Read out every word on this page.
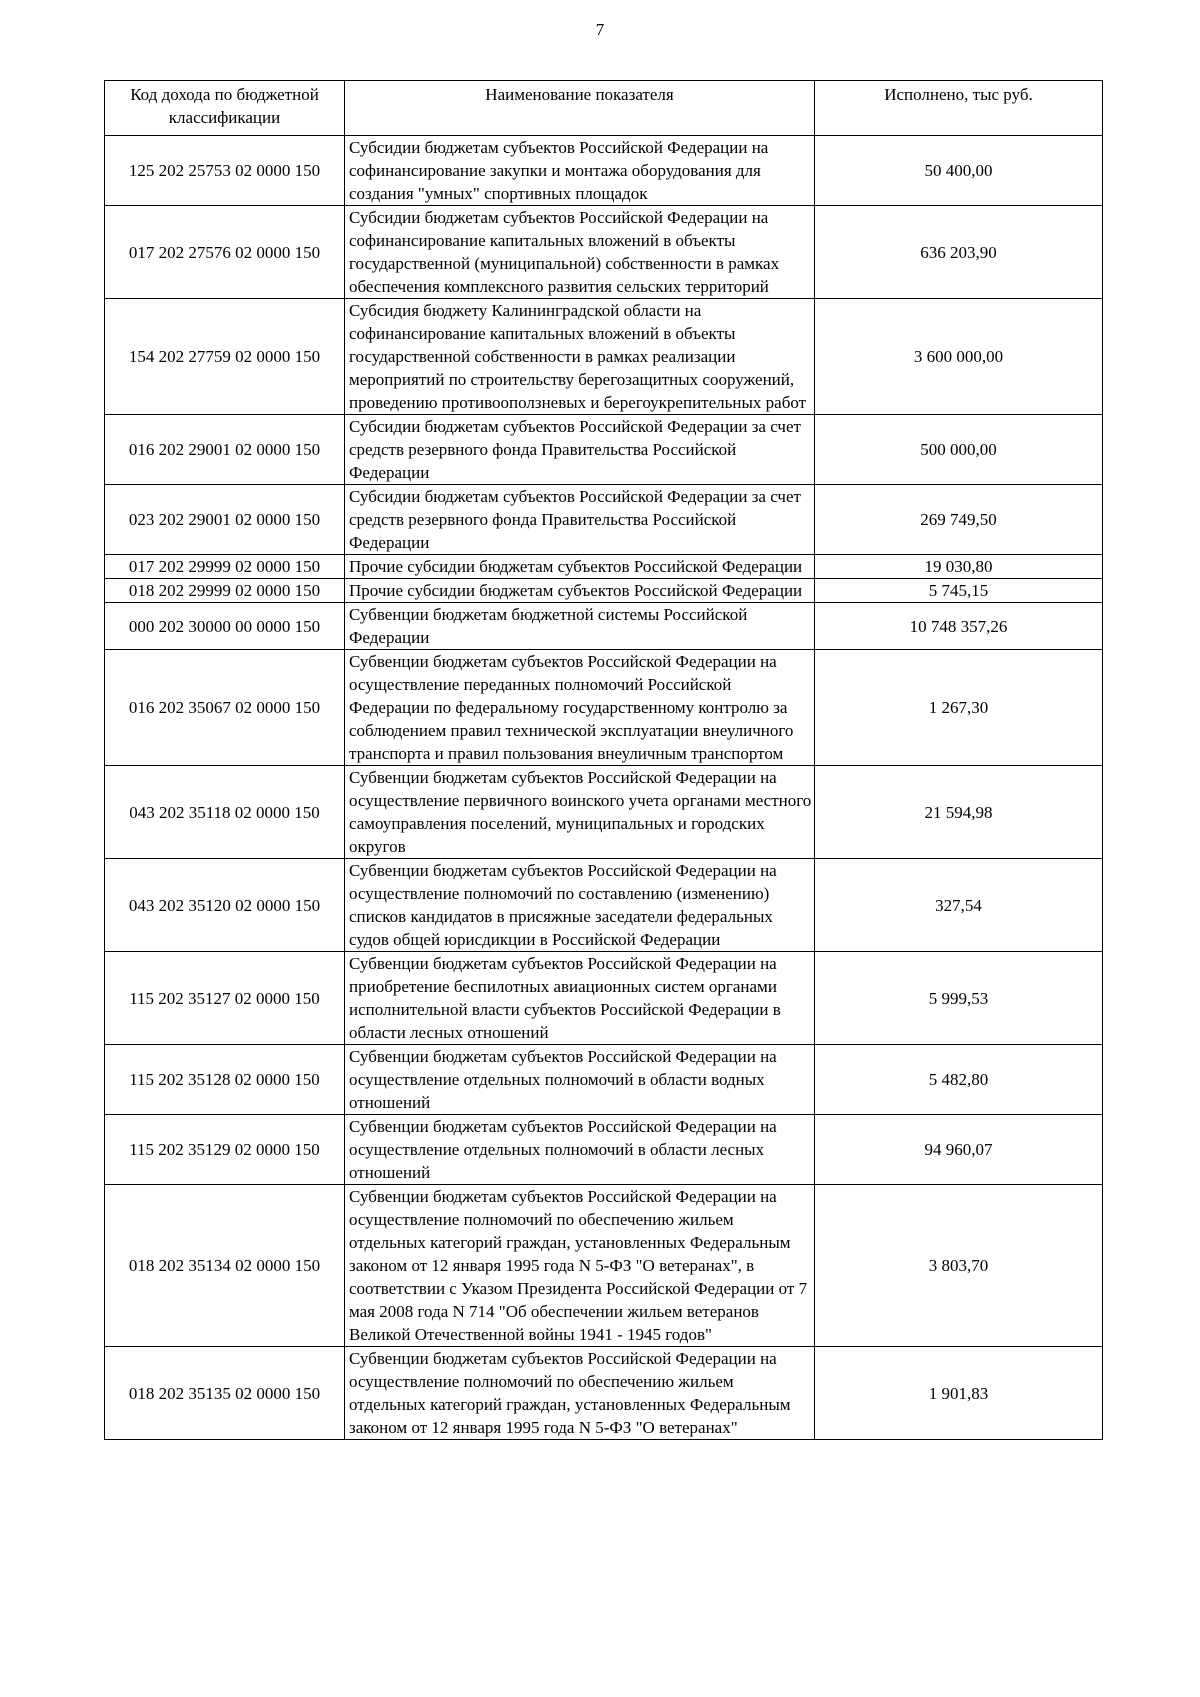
7
Код дохода по бюджетной классификации	Наименование показателя	Исполнено, тыс руб.
125 202 25753 02 0000 150	Субсидии бюджетам субъектов Российской Федерации на софинансирование закупки и монтажа оборудования для создания "умных" спортивных площадок	50 400,00
017 202 27576 02 0000 150	Субсидии бюджетам субъектов Российской Федерации на софинансирование капитальных вложений в объекты государственной (муниципальной) собственности в рамках обеспечения комплексного развития сельских территорий	636 203,90
154 202 27759 02 0000 150	Субсидия бюджету Калининградской области на софинансирование капитальных вложений в объекты государственной собственности в рамках реализации мероприятий по строительству берегозащитных сооружений, проведению противооползневых и берегоукрепительных работ	3 600 000,00
016 202 29001 02 0000 150	Субсидии бюджетам субъектов Российской Федерации за счет средств резервного фонда Правительства Российской Федерации	500 000,00
023 202 29001 02 0000 150	Субсидии бюджетам субъектов Российской Федерации за счет средств резервного фонда Правительства Российской Федерации	269 749,50
017 202 29999 02 0000 150	Прочие субсидии бюджетам субъектов Российской Федерации	19 030,80
018 202 29999 02 0000 150	Прочие субсидии бюджетам субъектов Российской Федерации	5 745,15
000 202 30000 00 0000 150	Субвенции бюджетам бюджетной системы Российской Федерации	10 748 357,26
016 202 35067 02 0000 150	Субвенции бюджетам субъектов Российской Федерации на осуществление переданных полномочий Российской Федерации по федеральному государственному контролю за соблюдением правил технической эксплуатации внеуличного транспорта и правил пользования внеуличным транспортом	1 267,30
043 202 35118 02 0000 150	Субвенции бюджетам субъектов Российской Федерации на осуществление первичного воинского учета органами местного самоуправления поселений, муниципальных и городских округов	21 594,98
043 202 35120 02 0000 150	Субвенции бюджетам субъектов Российской Федерации на осуществление полномочий по составлению (изменению) списков кандидатов в присяжные заседатели федеральных судов общей юрисдикции в Российской Федерации	327,54
115 202 35127 02 0000 150	Субвенции бюджетам субъектов Российской Федерации на приобретение беспилотных авиационных систем органами исполнительной власти субъектов Российской Федерации в области лесных отношений	5 999,53
115 202 35128 02 0000 150	Субвенции бюджетам субъектов Российской Федерации на осуществление отдельных полномочий в области водных отношений	5 482,80
115 202 35129 02 0000 150	Субвенции бюджетам субъектов Российской Федерации на осуществление отдельных полномочий в области лесных отношений	94 960,07
018 202 35134 02 0000 150	Субвенции бюджетам субъектов Российской Федерации на осуществление полномочий по обеспечению жильем отдельных категорий граждан, установленных Федеральным законом от 12 января 1995 года N 5-ФЗ "О ветеранах", в соответствии с Указом Президента Российской Федерации от 7 мая 2008 года N 714 "Об обеспечении жильем ветеранов Великой Отечественной войны 1941 - 1945 годов"	3 803,70
018 202 35135 02 0000 150	Субвенции бюджетам субъектов Российской Федерации на осуществление полномочий по обеспечению жильем отдельных категорий граждан, установленных Федеральным законом от 12 января 1995 года N 5-ФЗ "О ветеранах"	1 901,83
